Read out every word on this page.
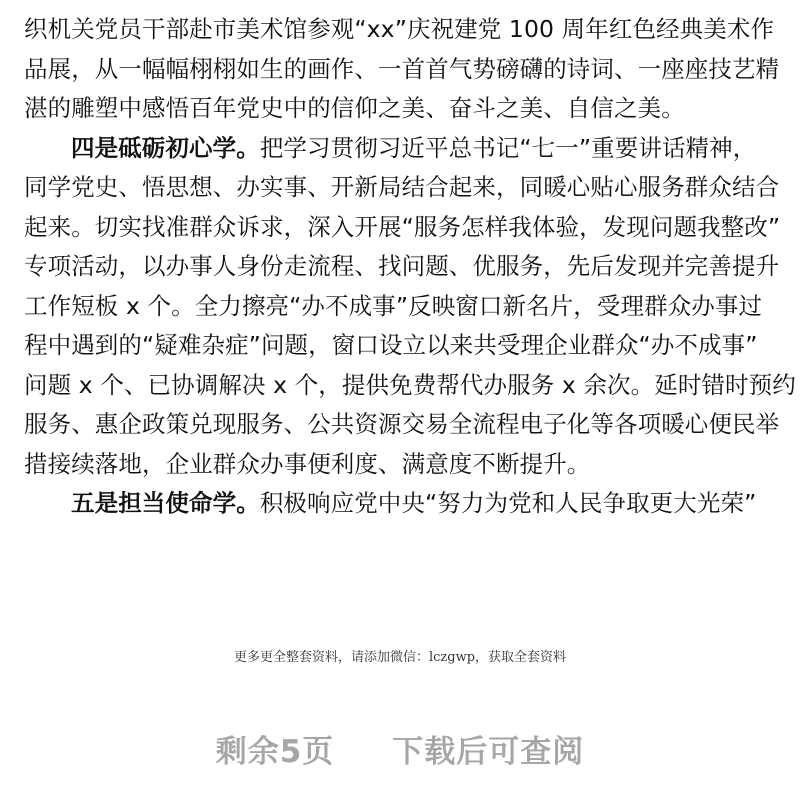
织机关党员干部赴市美术馆参观“xx”庆祝建党 100 周年红色经典美术作
品展，从一幅幅栩栩如生的画作、一首首气势磅礴的诗词、一座座技艺精
湛的雕塑中感悟百年党史中的信仰之美、奋斗之美、自信之美。
四是砥砺初心学。把学习贯彻习近平总书记“七一”重要讲话精神，
同学党史、悟思想、办实事、开新局结合起来，同暖心贴心服务群众结合
起来。切实找准群众诉求，深入开展“服务怎样我体验，发现问题我整改”
专项活动，以办事人身份走流程、找问题、优服务，先后发现并完善提升
工作短板 x 个。全力擦亮“办不成事”反映窗口新名片，受理群众办事过
程中遇到的“疑难杂症”问题，窗口设立以来共受理企业群众“办不成事”
问题 x 个、已协调解决 x 个，提供免费帮代办服务 x 余次。延时错时预约
服务、惠企政策兑现服务、公共资源交易全流程电子化等各项暖心便民举
措接续落地，企业群众办事便利度、满意度不断提升。
五是担当使命学。积极响应党中央“努力为党和人民争取更大光荣”
更多更全整套资料，请添加微信：lczgwp，获取全套资料
剩余5页 下载后可查阅
